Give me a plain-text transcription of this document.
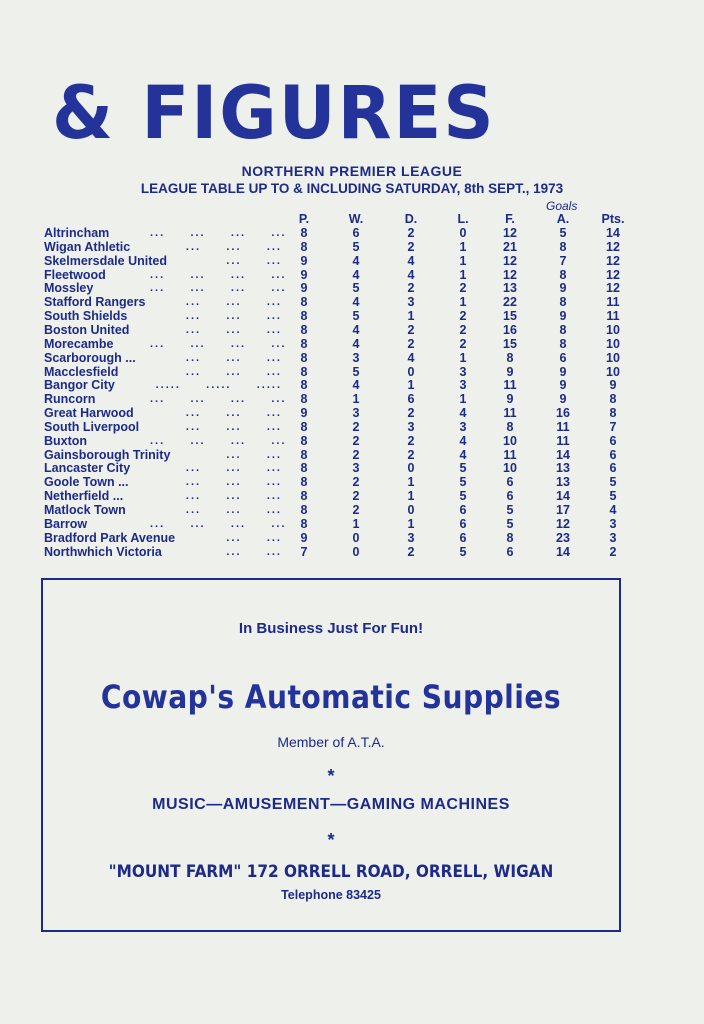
& FIGURES
NORTHERN PREMIER LEAGUE
LEAGUE TABLE UP TO & INCLUDING SATURDAY, 8th SEPT., 1973
Goals
P.	W.	D.	L.	F.	A.	Pts.
Altrincham	...     ...     ...     ...	8	6	2	0	12	5	14
Wigan Athletic	...     ...     ...	8	5	2	1	21	8	12
Skelmersdale United	...     ...	9	4	4	1	12	7	12
Fleetwood	...     ...     ...     ...	9	4	4	1	12	8	12
Mossley	...     ...     ...     ...	9	5	2	2	13	9	12
Stafford Rangers	...     ...     ...	8	4	3	1	22	8	11
South Shields	...     ...     ...	8	5	1	2	15	9	11
Boston United	...     ...     ...	8	4	2	2	16	8	10
Morecambe	...     ...     ...     ...	8	4	2	2	15	8	10
Scarborough ...	...     ...     ...	8	3	4	1	8	6	10
Macclesfield	...     ...     ...	8	5	0	3	9	9	10
Bangor City	.....     .....     .....	8	4	1	3	11	9	9
Runcorn	...     ...     ...     ...	8	1	6	1	9	9	8
Great Harwood	...     ...     ...	9	3	2	4	11	16	8
South Liverpool	...     ...     ...	8	2	3	3	8	11	7
Buxton	...     ...     ...     ...	8	2	2	4	10	11	6
Gainsborough Trinity	...     ...	8	2	2	4	11	14	6
Lancaster City	...     ...     ...	8	3	0	5	10	13	6
Goole Town ...	...     ...     ...	8	2	1	5	6	13	5
Netherfield ...	...     ...     ...	8	2	1	5	6	14	5
Matlock Town	...     ...     ...	8	2	0	6	5	17	4
Barrow	...     ...     ...     ...	8	1	1	6	5	12	3
Bradford Park Avenue	...     ...	9	0	3	6	8	23	3
Northwhich Victoria	...     ...	7	0	2	5	6	14	2
In Business Just For Fun!
Cowap's Automatic Supplies
Member of A.T.A.
*
MUSIC—AMUSEMENT—GAMING MACHINES
*
"MOUNT FARM" 172 ORRELL ROAD, ORRELL, WIGAN
Telephone 83425
